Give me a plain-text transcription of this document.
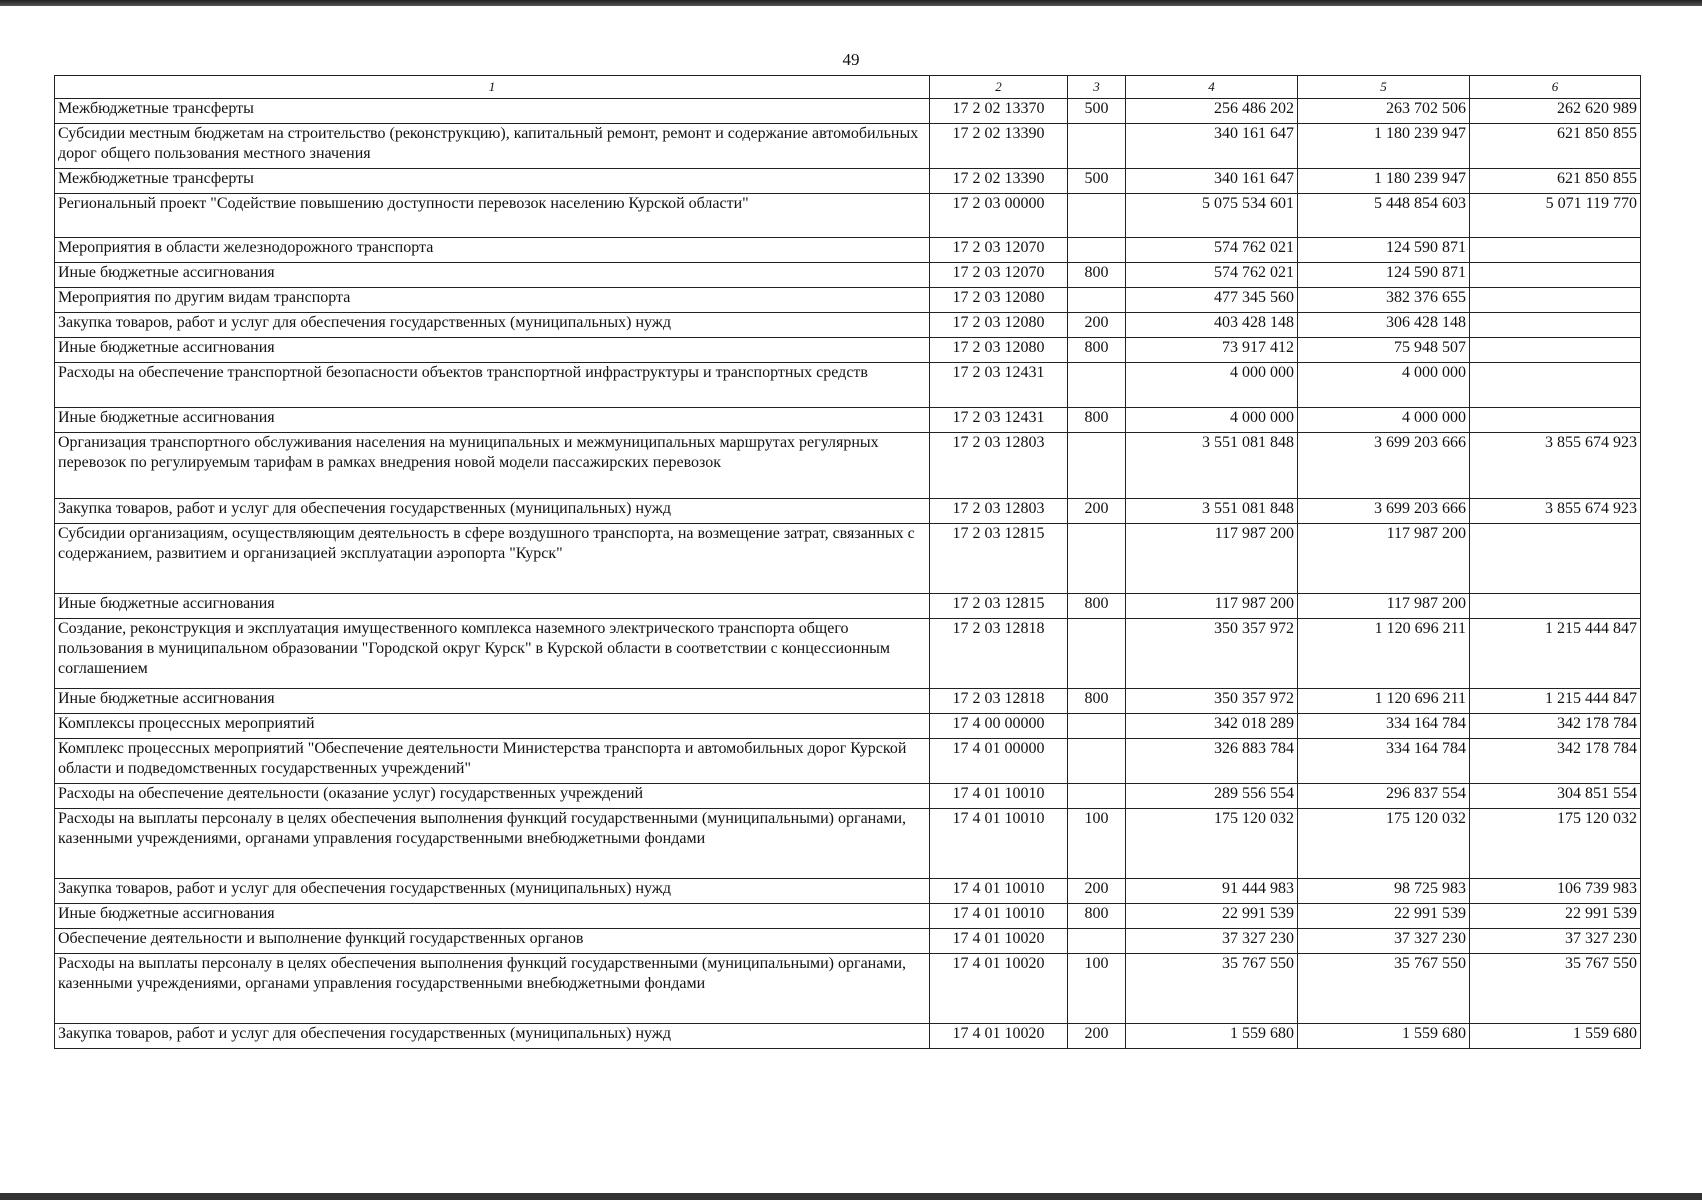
49
1	2	3	4	5	6
Межбюджетные трансферты	17 2 02 13370	500	256 486 202	263 702 506	262 620 989
Субсидии местным бюджетам на строительство (реконструкцию), капитальный ремонт, ремонт и содержание автомобильных дорог общего пользования местного значения	17 2 02 13390		340 161 647	1 180 239 947	621 850 855
Межбюджетные трансферты	17 2 02 13390	500	340 161 647	1 180 239 947	621 850 855
Региональный проект "Содействие повышению доступности перевозок населению Курской области"	17 2 03 00000		5 075 534 601	5 448 854 603	5 071 119 770
Мероприятия в области железнодорожного транспорта	17 2 03 12070		574 762 021	124 590 871	
Иные бюджетные ассигнования	17 2 03 12070	800	574 762 021	124 590 871	
Мероприятия по другим видам транспорта	17 2 03 12080		477 345 560	382 376 655	
Закупка товаров, работ и услуг для обеспечения государственных (муниципальных) нужд	17 2 03 12080	200	403 428 148	306 428 148	
Иные бюджетные ассигнования	17 2 03 12080	800	73 917 412	75 948 507	
Расходы на обеспечение транспортной безопасности объектов транспортной инфраструктуры и транспортных средств	17 2 03 12431		4 000 000	4 000 000	
Иные бюджетные ассигнования	17 2 03 12431	800	4 000 000	4 000 000	
Организация транспортного обслуживания населения на муниципальных и межмуниципальных маршрутах регулярных перевозок по регулируемым тарифам в рамках внедрения новой модели пассажирских перевозок	17 2 03 12803		3 551 081 848	3 699 203 666	3 855 674 923
Закупка товаров, работ и услуг для обеспечения государственных (муниципальных) нужд	17 2 03 12803	200	3 551 081 848	3 699 203 666	3 855 674 923
Субсидии организациям, осуществляющим деятельность в сфере воздушного транспорта, на возмещение затрат, связанных с содержанием, развитием и организацией эксплуатации аэропорта "Курск"	17 2 03 12815		117 987 200	117 987 200	
Иные бюджетные ассигнования	17 2 03 12815	800	117 987 200	117 987 200	
Создание, реконструкция и эксплуатация имущественного комплекса наземного электрического транспорта общего пользования в муниципальном образовании "Городской округ Курск" в Курской области в соответствии с концессионным соглашением	17 2 03 12818		350 357 972	1 120 696 211	1 215 444 847
Иные бюджетные ассигнования	17 2 03 12818	800	350 357 972	1 120 696 211	1 215 444 847
Комплексы процессных мероприятий	17 4 00 00000		342 018 289	334 164 784	342 178 784
Комплекс процессных мероприятий "Обеспечение деятельности Министерства транспорта и автомобильных дорог Курской области и подведомственных государственных учреждений"	17 4 01 00000		326 883 784	334 164 784	342 178 784
Расходы на обеспечение деятельности (оказание услуг) государственных учреждений	17 4 01 10010		289 556 554	296 837 554	304 851 554
Расходы на выплаты персоналу в целях обеспечения выполнения функций государственными (муниципальными) органами, казенными учреждениями, органами управления государственными внебюджетными фондами	17 4 01 10010	100	175 120 032	175 120 032	175 120 032
Закупка товаров, работ и услуг для обеспечения государственных (муниципальных) нужд	17 4 01 10010	200	91 444 983	98 725 983	106 739 983
Иные бюджетные ассигнования	17 4 01 10010	800	22 991 539	22 991 539	22 991 539
Обеспечение деятельности и выполнение функций государственных органов	17 4 01 10020		37 327 230	37 327 230	37 327 230
Расходы на выплаты персоналу в целях обеспечения выполнения функций государственными (муниципальными) органами, казенными учреждениями, органами управления государственными внебюджетными фондами	17 4 01 10020	100	35 767 550	35 767 550	35 767 550
Закупка товаров, работ и услуг для обеспечения государственных (муниципальных) нужд	17 4 01 10020	200	1 559 680	1 559 680	1 559 680
